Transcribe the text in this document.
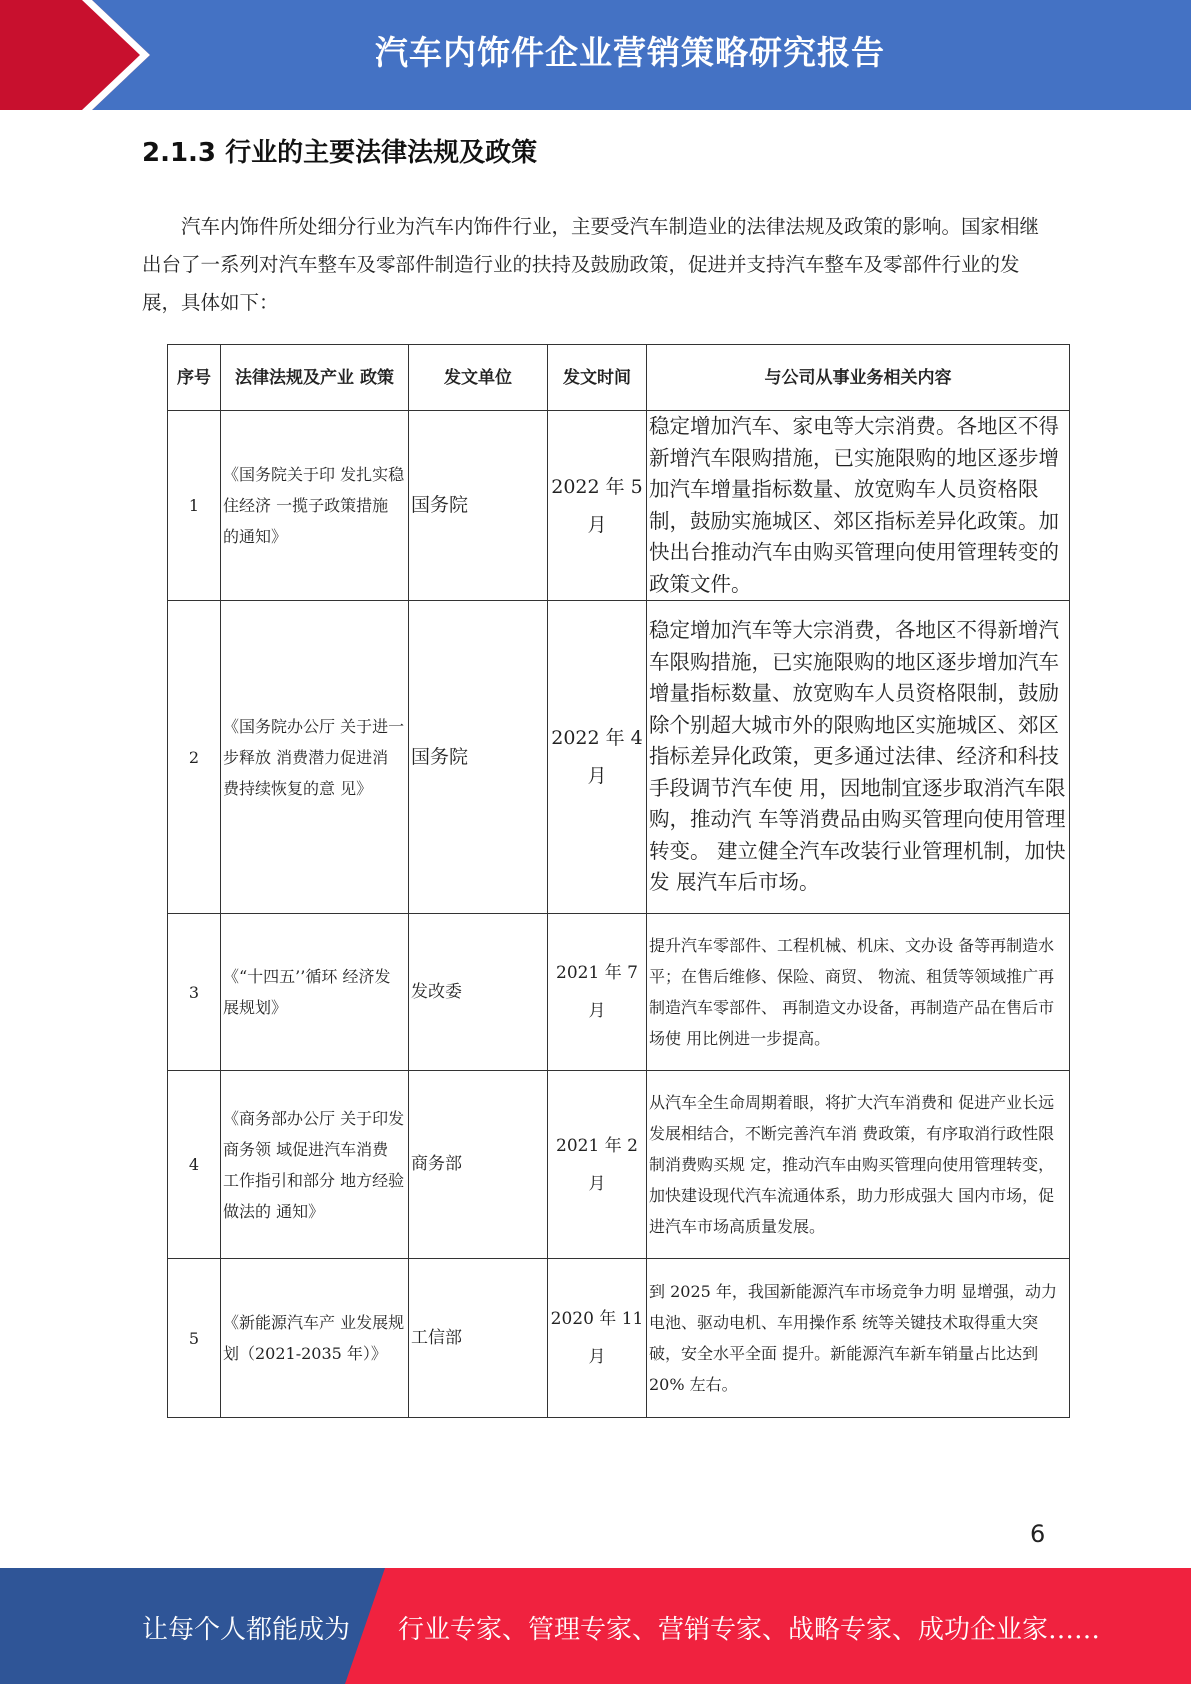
汽车内饰件企业营销策略研究报告
2.1.3 行业的主要法律法规及政策

汽车内饰件所处细分行业为汽车内饰件行业，主要受汽车制造业的法律法规及政策的影响。国家相继出台了一系列对汽车整车及零部件制造行业的扶持及鼓励政策，促进并支持汽车整车及零部件行业的发展，具体如下：

序号	法律法规及产业 政策	发文单位	发文时间	与公司从事业务相关内容
1	《国务院关于印 发扎实稳住经济 一揽子政策措施 的通知》	国务院	2022 年 5 月	稳定增加汽车、家电等大宗消费。各地区不得新增汽车限购措施，已实施限购的地区逐步增加汽车增量指标数量、放宽购车人员资格限制，鼓励实施城区、郊区指标差异化政策。加快出台推动汽车由购买管理向使用管理转变的政策文件。
2	《国务院办公厅 关于进一步释放 消费潜力促进消 费持续恢复的意 见》	国务院	2022 年 4 月	稳定增加汽车等大宗消费，各地区不得新增汽车限购措施，已实施限购的地区逐步增加汽车增量指标数量、放宽购车人员资格限制，鼓励除个别超大城市外的限购地区实施城区、郊区指标差异化政策，更多通过法律、经济和科技手段调节汽车使 用，因地制宜逐步取消汽车限购，推动汽 车等消费品由购买管理向使用管理转变。 建立健全汽车改装行业管理机制，加快发 展汽车后市场。
3	《“十四五’’循环 经济发展规划》	发改委	2021 年 7 月	提升汽车零部件、工程机械、机床、文办设 备等再制造水平；在售后维修、保险、商贸、 物流、租赁等领域推广再制造汽车零部件、 再制造文办设备，再制造产品在售后市场使 用比例进一步提高。
4	《商务部办公厅 关于印发商务领 域促进汽车消费 工作指引和部分 地方经验做法的 通知》	商务部	2021 年 2 月	从汽车全生命周期着眼，将扩大汽车消费和 促进产业长远发展相结合，不断完善汽车消 费政策，有序取消行政性限制消费购买规 定，推动汽车由购买管理向使用管理转变， 加快建设现代汽车流通体系，助力形成强大 国内市场，促进汽车市场高质量发展。
5	《新能源汽车产 业发展规划（2021-2035 年）》	工信部	2020 年 11 月	到 2025 年，我国新能源汽车市场竞争力明 显增强，动力电池、驱动电机、车用操作系 统等关键技术取得重大突破，安全水平全面 提升。新能源汽车新车销量占比达到 20% 左右。
6
让每个人都能成为 行业专家、管理专家、营销专家、战略专家、成功企业家……
